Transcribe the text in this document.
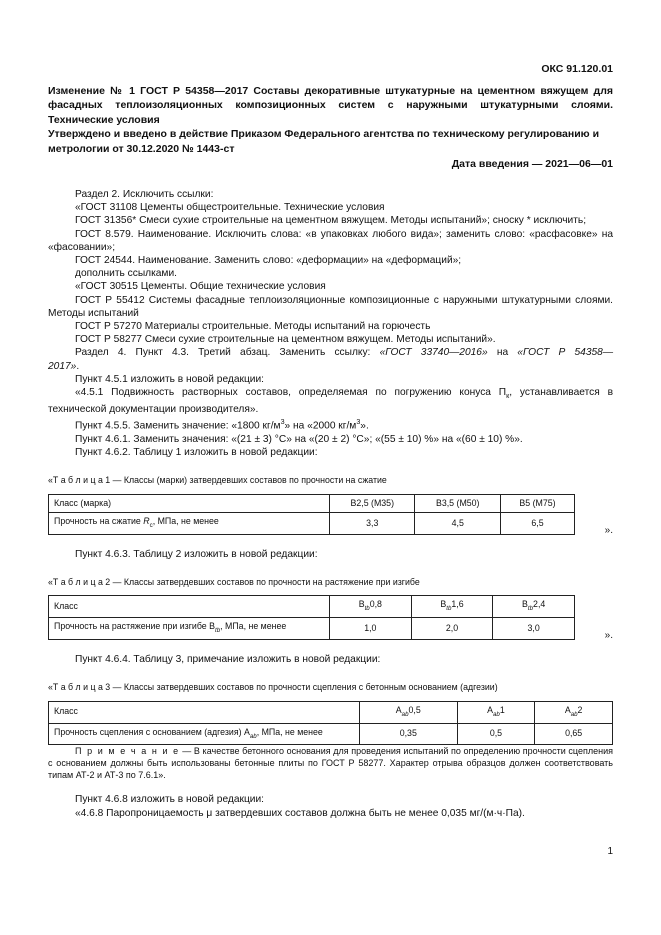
ОКС 91.120.01
Изменение № 1 ГОСТ Р 54358—2017 Составы декоративные штукатурные на цементном вяжущем для фасадных теплоизоляционных композиционных систем с наружными штукатурными слоями. Технические условия
Утверждено и введено в действие Приказом Федерального агентства по техническому регулированию и метрологии от 30.12.2020 № 1443-ст
Дата введения — 2021—06—01

Раздел 2. Исключить ссылки:

«ГОСТ 31108 Цементы общестроительные. Технические условия

ГОСТ 31356* Смеси сухие строительные на цементном вяжущем. Методы испытаний»; сноску * исключить;

ГОСТ 8.579. Наименование. Исключить слова: «в упаковках любого вида»; заменить слово: «расфасовке» на «фасовании»;

ГОСТ 24544. Наименование. Заменить слово: «деформации» на «деформаций»;

дополнить ссылками.

«ГОСТ 30515 Цементы. Общие технические условия

ГОСТ Р 55412 Системы фасадные теплоизоляционные композиционные с наружными штукатурными слоями. Методы испытаний

ГОСТ Р 57270 Материалы строительные. Методы испытаний на горючесть

ГОСТ Р 58277 Смеси сухие строительные на цементном вяжущем. Методы испытаний».

Раздел 4. Пункт 4.3. Третий абзац. Заменить ссылку: «ГОСТ 33740—2016» на «ГОСТ Р 54358—2017».

Пункт 4.5.1 изложить в новой редакции:

«4.5.1 Подвижность растворных составов, определяемая по погружению конуса $П_к$, устанавливается в технической документации производителя».

Пункт 4.5.5. Заменить значение: «1800 $кг/м^3$» на «2000 $кг/м^3$».

Пункт 4.6.1. Заменить значения: «(21 ± 3) °С» на «(20 ± 2) °С»; «(55 ± 10) %» на «(60 ± 10) %».

Пункт 4.6.2. Таблицу 1 изложить в новой редакции:

«Т а б л и ц а 1 — Классы (марки) затвердевших составов по прочности на сжатие
Класс (марка)	В2,5 (М35)	В3,5 (М50)	В5 (М75)
Прочность на сжатие $R_с$, МПа, не менее	3,3	4,5	6,5
».

Пункт 4.6.3. Таблицу 2 изложить в новой редакции:

«Т а б л и ц а 2 — Классы затвердевших составов по прочности на растяжение при изгибе
Класс	$В_{tb}0,8$	$В_{tb}1,6$	$В_{tb}2,4$
Прочность на растяжение при изгибе $В_{tb}$, МПа, не менее	1,0	2,0	3,0
».

Пункт 4.6.4. Таблицу 3, примечание изложить в новой редакции:

«Т а б л и ц а 3 — Классы затвердевших составов по прочности сцепления с бетонным основанием (адгезии)
Класс	$А_{ab}0,5$	$А_{ab}1$	$А_{ab}2$
Прочность сцепления с основанием (адгезия) $А_{ab}$, МПа, не менее	0,35	0,5	0,65

П р и м е ч а н и е — В качестве бетонного основания для проведения испытаний по определению прочности сцепления с основанием должны быть использованы бетонные плиты по ГОСТ Р 58277. Характер отрыва образцов должен соответствовать типам АТ-2 и АТ-3 по 7.6.1».

Пункт 4.6.8 изложить в новой редакции:

«4.6.8 Паропроницаемость μ затвердевших составов должна быть не менее 0,035 мг/(м·ч·Па).

1
